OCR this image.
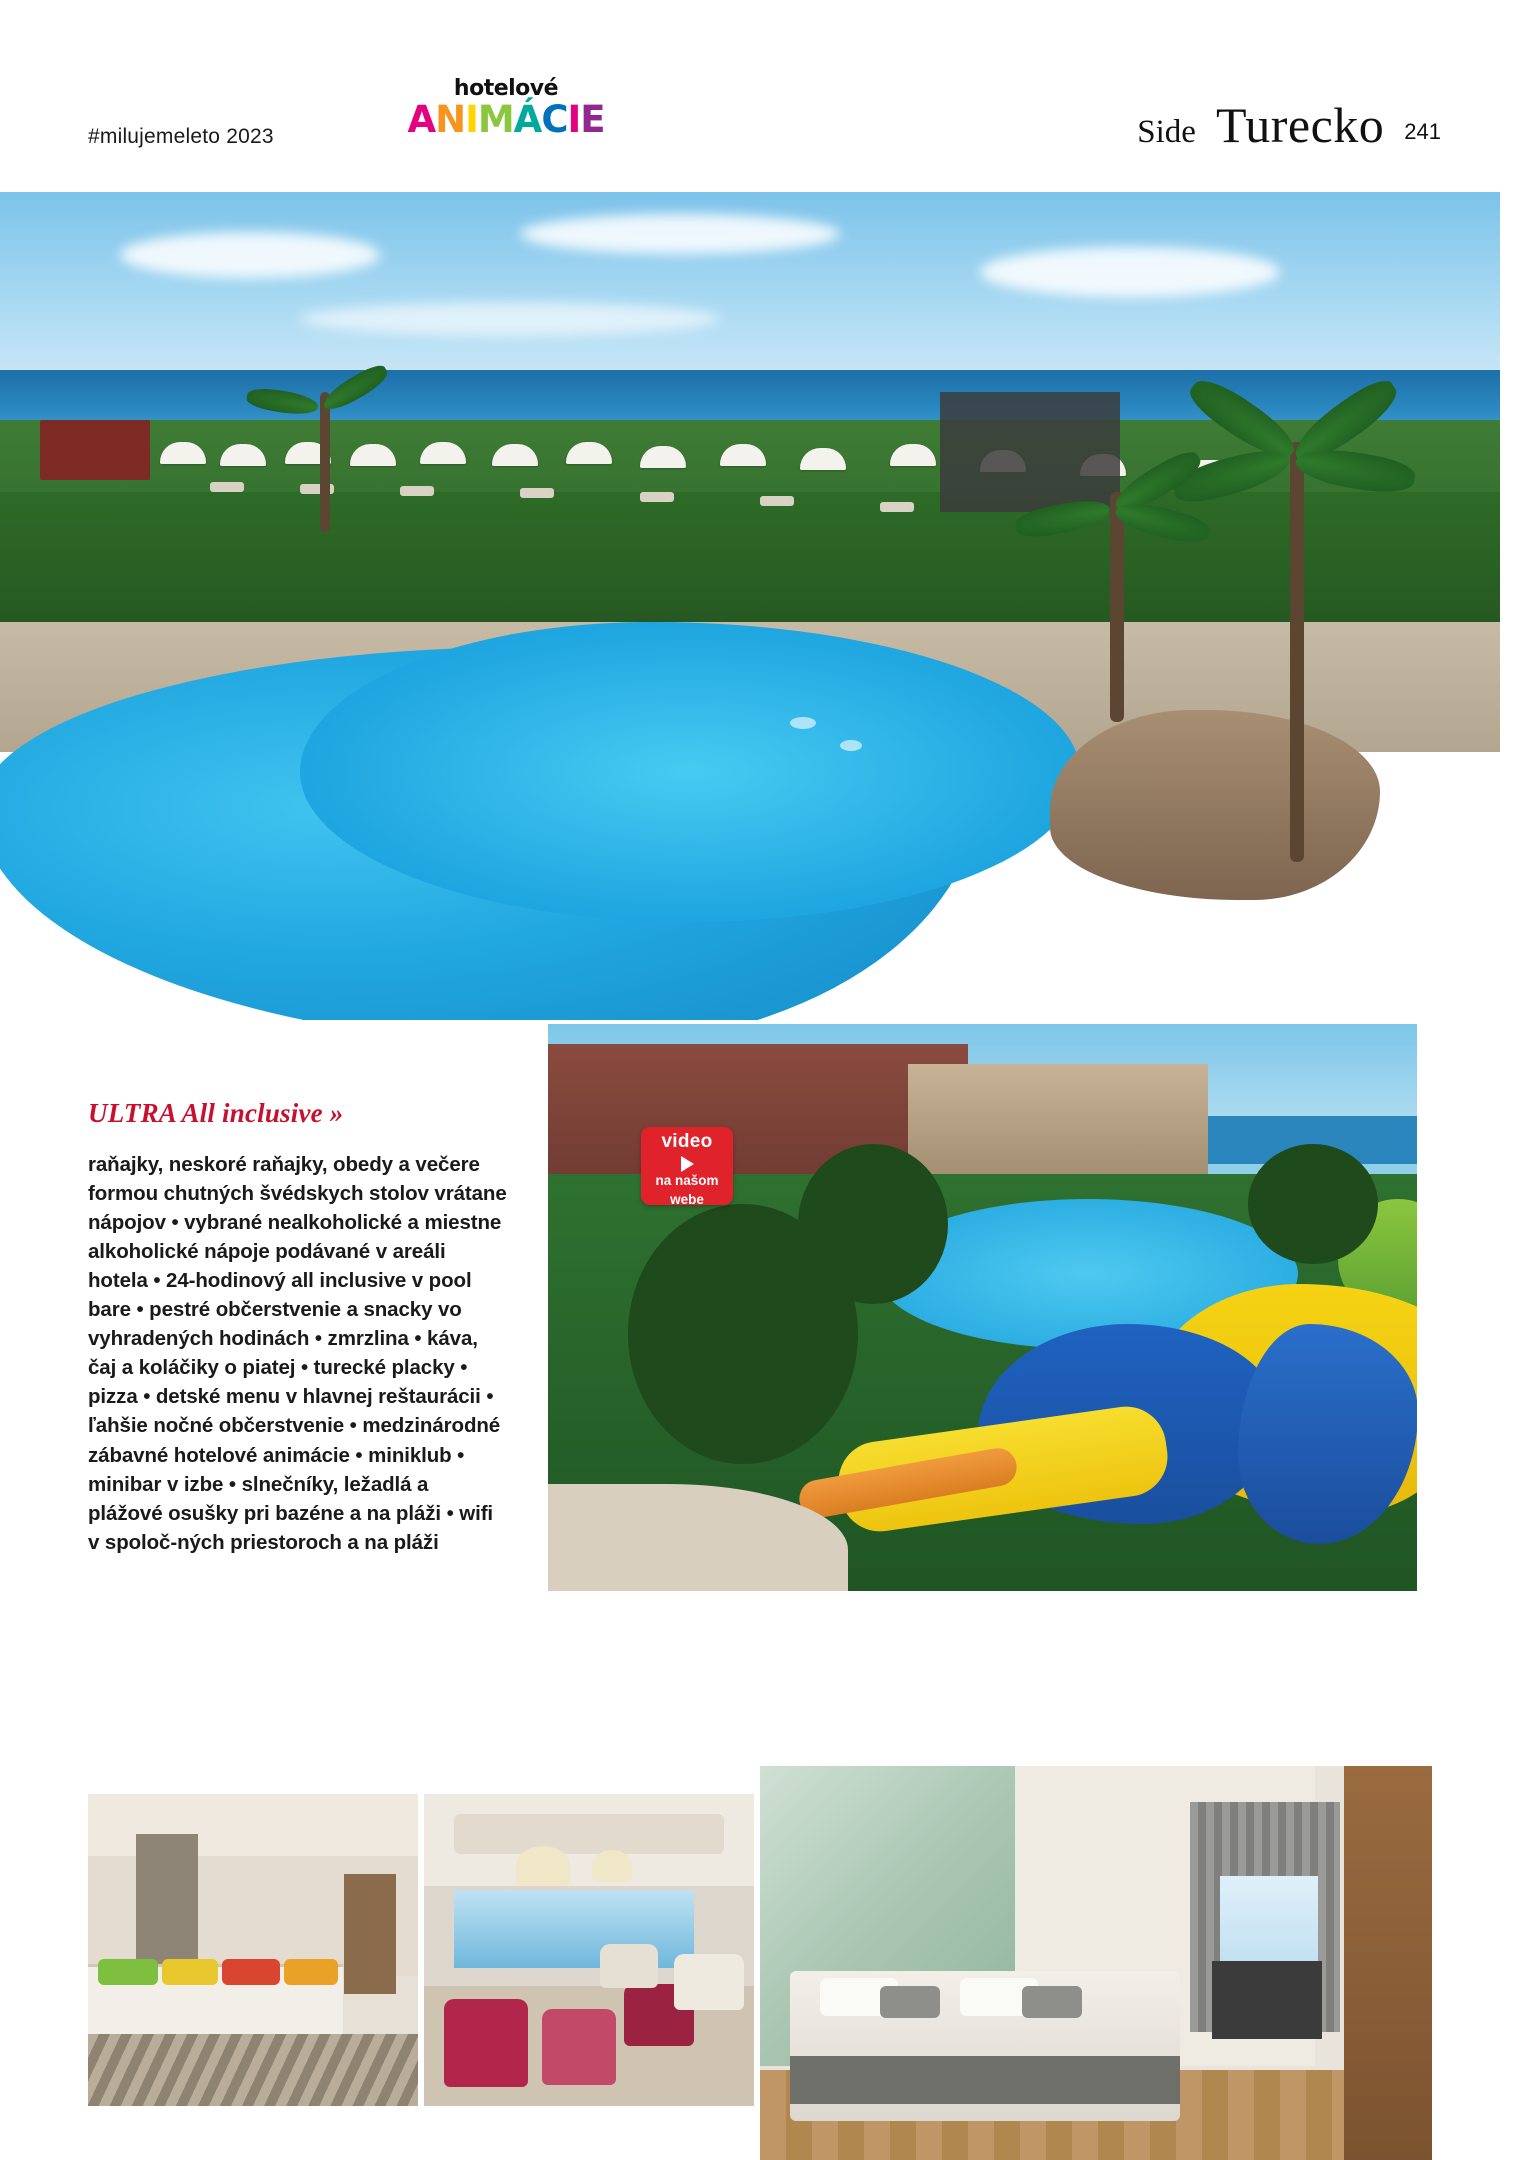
#milujemeleto 2023
hotelové
ANIMÁCIE	Side Turecko 241
ULTRA All inclusive »

raňajky, neskoré raňajky, obedy a večere formou chutných švédskych stolov vrátane nápojov • vybrané nealkoholické a miestne alkoholické nápoje podávané v areáli hotela • 24-hodinový all inclusive v pool bare • pestré občerstvenie a snacky vo vyhradených hodinách • zmrzlina • káva, čaj a koláčiky o piatej • turecké placky • pizza • detské menu v hlavnej reštaurácii • ľahšie nočné občerstvenie • medzinárodné zábavné hotelové animácie • miniklub • minibar v izbe • slnečníky, ležadlá a plážové osušky pri bazéne a na pláži • wifi v spoloč-ných priestoroch a na pláži

video
na našom
webe
